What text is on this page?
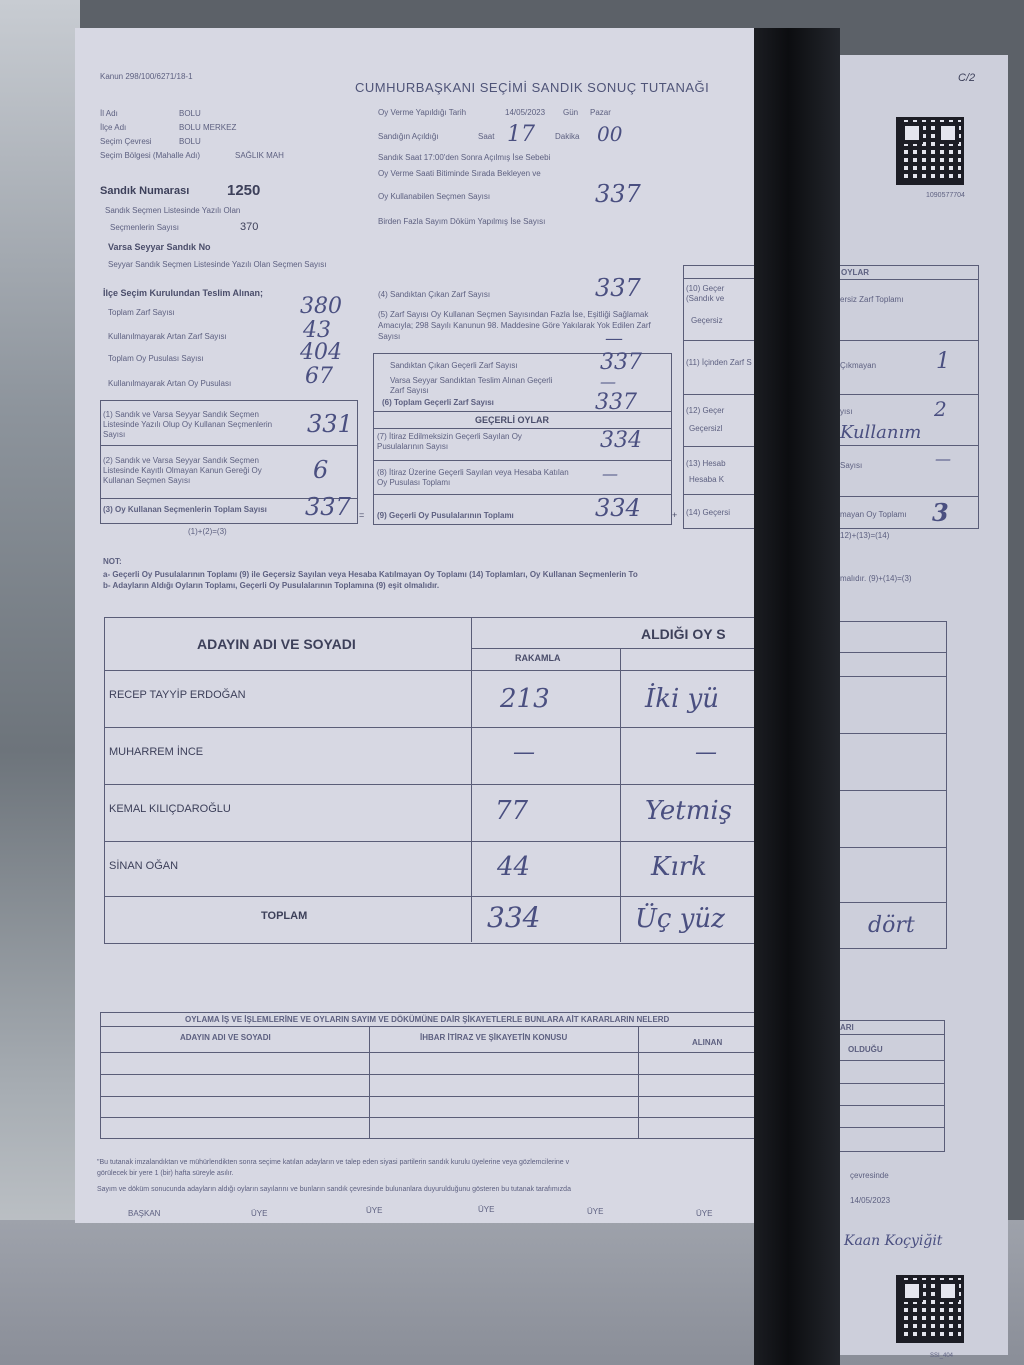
Kanun 298/100/6271/18-1
CUMHURBAŞKANI SEÇİMİ SANDIK SONUÇ TUTANAĞI
İl Adı	BOLU
İlçe Adı	BOLU MERKEZ
Seçim Çevresi	BOLU
Seçim Bölgesi (Mahalle Adı)	SAĞLIK MAH
Sandık Numarası	1250
Sandık Seçmen Listesinde Yazılı Olan
Seçmenlerin Sayısı	370
Varsa Seyyar Sandık No
Seyyar Sandık Seçmen Listesinde Yazılı Olan Seçmen Sayısı
Oy Verme Yapıldığı Tarih	14/05/2023 Gün Pazar
Sandığın Açıldığı	Saat 17	Dakika 00
Sandık Saat 17:00'den Sonra Açılmış İse Sebebi
Oy Verme Saati Bitiminde Sırada Bekleyen ve
Oy Kullanabilen Seçmen Sayısı	337
Birden Fazla Sayım Döküm Yapılmış İse Sayısı
İlçe Seçim Kurulundan Teslim Alınan;
Toplam Zarf Sayısı	380
Kullanılmayarak Artan Zarf Sayısı	43
Toplam Oy Pusulası Sayısı	404
Kullanılmayarak Artan Oy Pusulası	67
(1) Sandık ve Varsa Seyyar Sandık Seçmen Listesinde Yazılı Olup Oy Kullanan Seçmenlerin Sayısı	331
(2) Sandık ve Varsa Seyyar Sandık Seçmen Listesinde Kayıtlı Olmayan Kanun Gereği Oy Kullanan Seçmen Sayısı	6
(3) Oy Kullanan Seçmenlerin Toplam Sayısı 337
(1)+(2)=(3)
=
(4) Sandıktan Çıkan Zarf Sayısı	337
(5) Zarf Sayısı Oy Kullanan Seçmen Sayısından Fazla İse, Eşitliği Sağlamak Amacıyla; 298 Sayılı Kanunun 98. Maddesine Göre Yakılarak Yok Edilen Zarf Sayısı	—
Sandıktan Çıkan Geçerli Zarf Sayısı	337
Varsa Seyyar Sandıktan Teslim Alınan Geçerli Zarf Sayısı	—
(6) Toplam Geçerli Zarf Sayısı	337
GEÇERLİ OYLAR
(7) İtiraz Edilmeksizin Geçerli Sayılan Oy Pusulalarının Sayısı	334
(8) İtiraz Üzerine Geçerli Sayılan veya Hesaba Katılan Oy Pusulası Toplamı	—
(9) Geçerli Oy Pusulalarının Toplamı	334	+
(10) Geçer
(Sandık ve
Geçersiz
(11) İçinden Zarf S
(12) Geçer
Geçersizl
(13) Hesab
Hesaba K
(14) Geçersi
NOT:
a- Geçerli Oy Pusulalarının Toplamı (9) ile Geçersiz Sayılan veya Hesaba Katılmayan Oy Toplamı (14) Toplamları, Oy Kullanan Seçmenlerin To
b- Adayların Aldığı Oyların Toplamı, Geçerli Oy Pusulalarının Toplamına (9) eşit olmalıdır.
ADAYIN ADI VE SOYADI
ALDIĞI OY S
RAKAMLA
RECEP TAYYİP ERDOĞAN	213	İki yü
MUHARREM İNCE	—	—
KEMAL KILIÇDAROĞLU	77	Yetmiş
SİNAN OĞAN	44	Kırk
TOPLAM	334	Üç yüz
OYLAMA İŞ VE İŞLEMLERİNE VE OYLARIN SAYIM VE DÖKÜMÜNE DAİR ŞİKAYETLERLE BUNLARA AİT KARARLARIN NELERD
ADAYIN ADI VE SOYADI	İHBAR İTİRAZ VE ŞİKAYETİN KONUSU
ALINAN
"Bu tutanak imzalandıktan ve mühürlendikten sonra seçime katılan adayların ve talep eden siyasi partilerin sandık kurulu üyelerine veya gözlemcilerine v
görülecek bir yere 1 (bir) hafta süreyle asılır.
Sayım ve döküm sonucunda adayların aldığı oyların sayılarını ve bunların sandık çevresinde bulunanlara duyurulduğunu gösteren bu tutanak tarafımızda
BAŞKAN	ÜYE	ÜYE	ÜYE	ÜYE	ÜYE
C/2
1090577704
OYLAR
ersiz Zarf Toplamı
Çıkmayan	1
yısı	2
Kullanım
Sayısı	—
mayan Oy Toplamı 3
12)+(13)=(14)
malıdır. (9)+(14)=(3)
dört
ARI
OLDUĞU
çevresinde
14/05/2023
Kaan Koçyiğit
SSI_404
